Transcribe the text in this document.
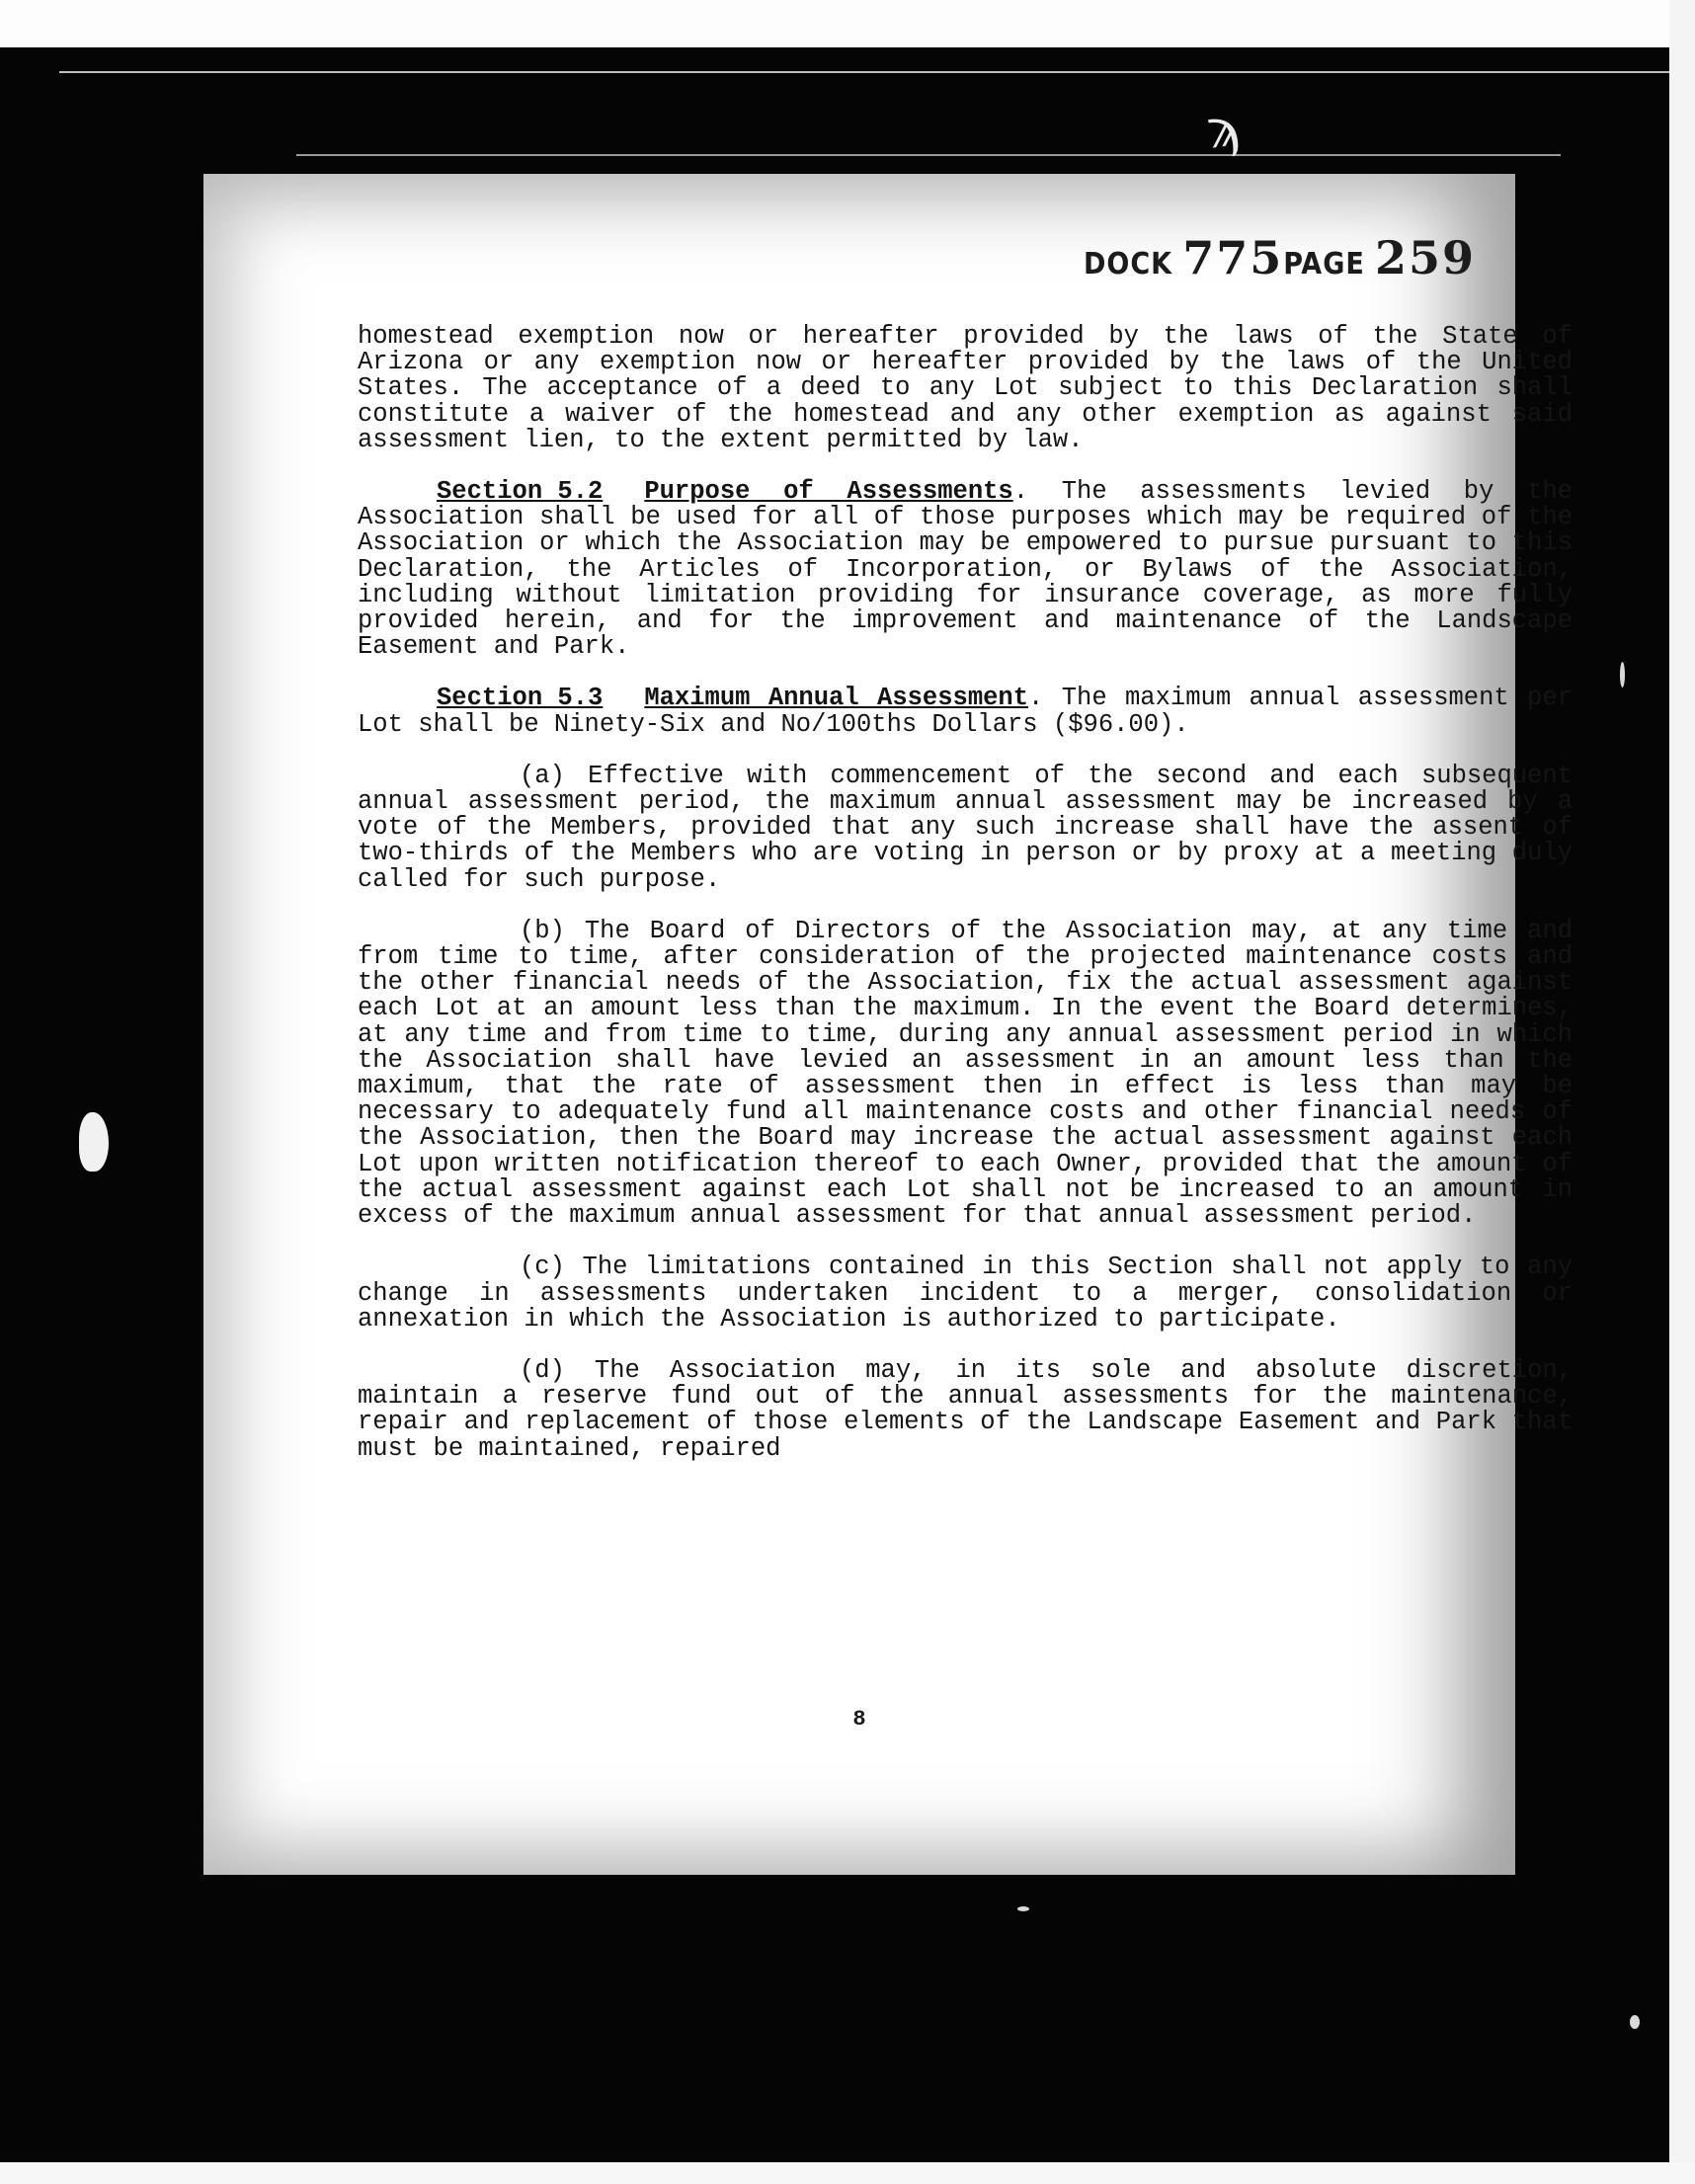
ϡ
DOCK 775PAGE 259

homestead exemption now or hereafter provided by the laws of the State of Arizona or any exemption now or hereafter provided by the laws of the United States. The acceptance of a deed to any Lot subject to this Declaration shall constitute a waiver of the homestead and any other exemption as against said assessment lien, to the extent permitted by law.

Section 5.2 Purpose of Assessments. The assessments levied by the Association shall be used for all of those purposes which may be required of the Association or which the Association may be empowered to pursue pursuant to this Declaration, the Articles of Incorporation, or Bylaws of the Association, including without limitation providing for insurance coverage, as more fully provided herein, and for the improvement and maintenance of the Landscape Easement and Park.

Section 5.3 Maximum Annual Assessment. The maximum annual assessment per Lot shall be Ninety-Six and No/100ths Dollars ($96.00).

(a) Effective with commencement of the second and each subsequent annual assessment period, the maximum annual assessment may be increased by a vote of the Members, provided that any such increase shall have the assent of two-thirds of the Members who are voting in person or by proxy at a meeting duly called for such purpose.

(b) The Board of Directors of the Association may, at any time and from time to time, after consideration of the projected maintenance costs and the other financial needs of the Association, fix the actual assessment against each Lot at an amount less than the maximum. In the event the Board determines, at any time and from time to time, during any annual assessment period in which the Association shall have levied an assessment in an amount less than the maximum, that the rate of assessment then in effect is less than may be necessary to adequately fund all maintenance costs and other financial needs of the Association, then the Board may increase the actual assessment against each Lot upon written notification thereof to each Owner, provided that the amount of the actual assessment against each Lot shall not be increased to an amount in excess of the maximum annual assessment for that annual assessment period.

(c) The limitations contained in this Section shall not apply to any change in assessments undertaken incident to a merger, consolidation or annexation in which the Association is authorized to participate.

(d) The Association may, in its sole and absolute discretion, maintain a reserve fund out of the annual assessments for the maintenance, repair and replacement of those elements of the Landscape Easement and Park that must be maintained, repaired

8
